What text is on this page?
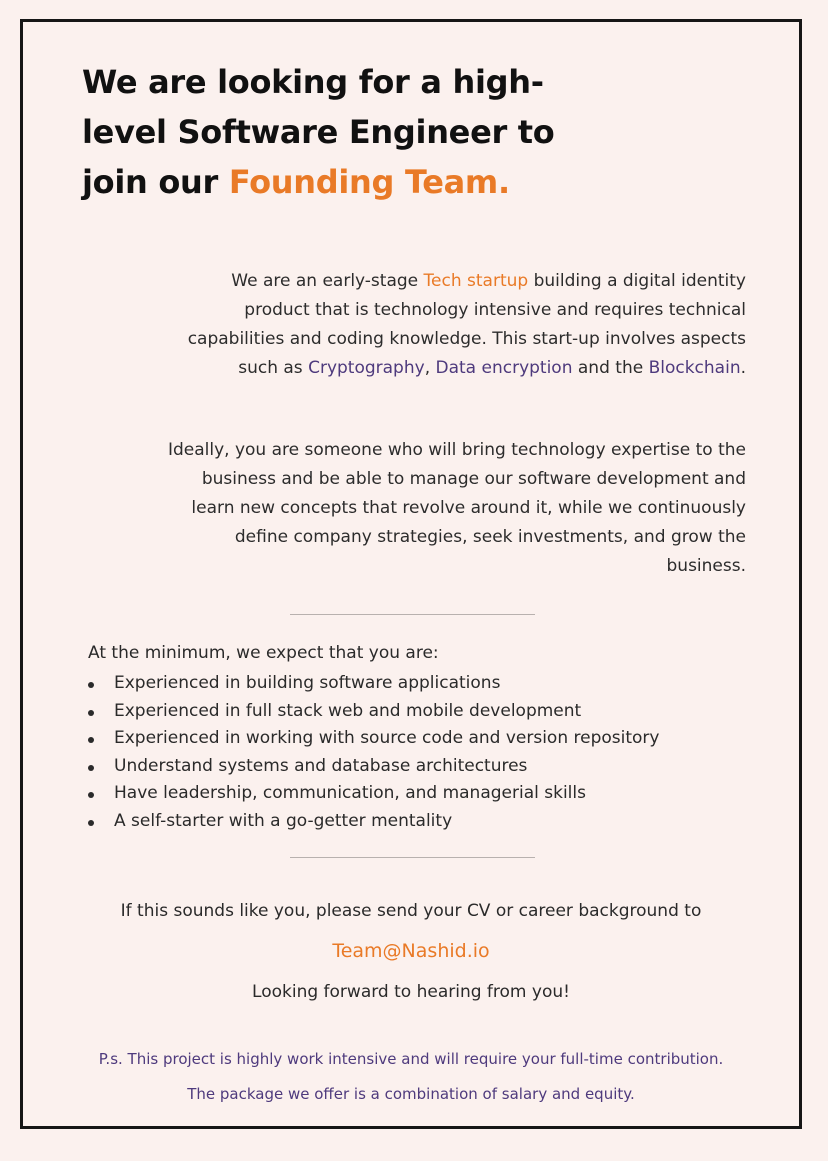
We are looking for a high-level Software Engineer to join our Founding Team.

We are an early-stage Tech startup building a digital identity product that is technology intensive and requires technical capabilities and coding knowledge. This start-up involves aspects such as Cryptography, Data encryption and the Blockchain.

Ideally, you are someone who will bring technology expertise to the business and be able to manage our software development and learn new concepts that revolve around it, while we continuously define company strategies, seek investments, and grow the business.

At the minimum, we expect that you are:

Experienced in building software applications
Experienced in full stack web and mobile development
Experienced in working with source code and version repository
Understand systems and database architectures
Have leadership, communication, and managerial skills
A self-starter with a go-getter mentality

If this sounds like you, please send your CV or career background to

Team@Nashid.io

Looking forward to hearing from you!

P.s. This project is highly work intensive and will require your full-time contribution.

The package we offer is a combination of salary and equity.
